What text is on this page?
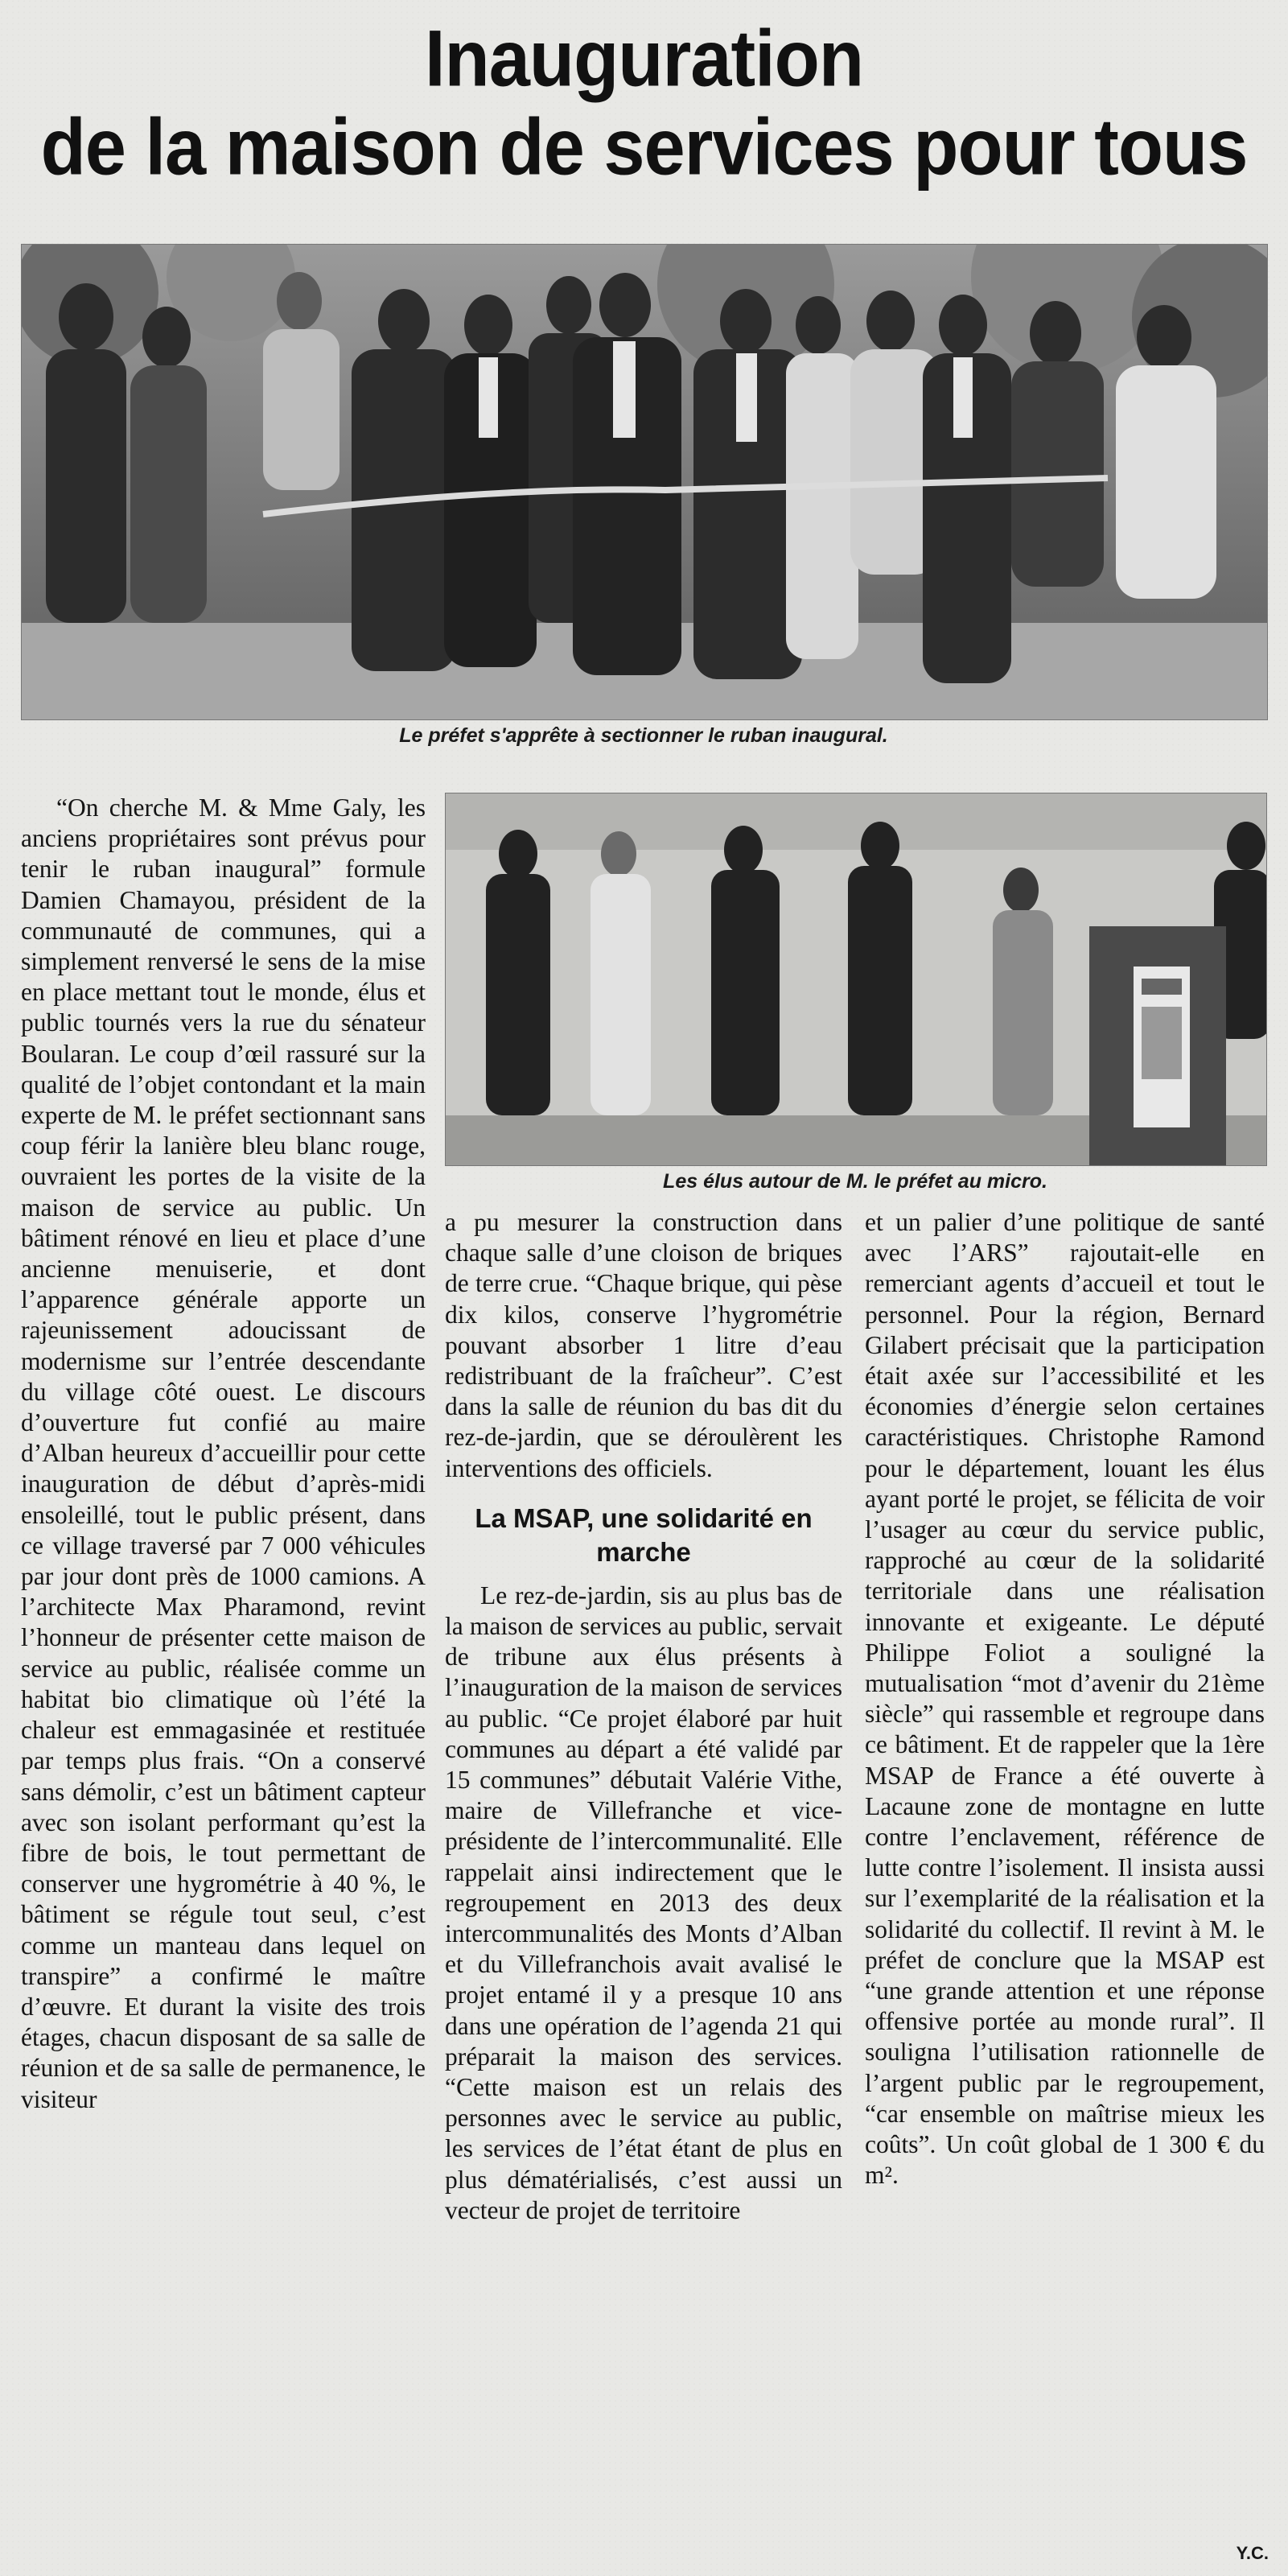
Inauguration
de la maison de services pour tous
Le préfet s'apprête à sectionner le ruban inaugural.
Les élus autour de M. le préfet au micro.

“On cherche M. & Mme Galy, les anciens propriétaires sont prévus pour tenir le ruban inaugural” formule Damien Chamayou, président de la communauté de communes, qui a simplement renversé le sens de la mise en place mettant tout le monde, élus et public tournés vers la rue du sénateur Boularan. Le coup d’œil rassuré sur la qualité de l’objet contondant et la main experte de M. le préfet sectionnant sans coup férir la lanière bleu blanc rouge, ouvraient les portes de la visite de la maison de service au public. Un bâtiment rénové en lieu et place d’une ancienne menuiserie, et dont l’apparence générale apporte un rajeunissement adoucissant de modernisme sur l’entrée descendante du village côté ouest. Le discours d’ouverture fut confié au maire d’Alban heureux d’accueillir pour cette inauguration de début d’après-midi ensoleillé, tout le public présent, dans ce village traversé par 7 000 véhicules par jour dont près de 1000 camions. A l’architecte Max Pharamond, revint l’honneur de présenter cette maison de service au public, réalisée comme un habitat bio climatique où l’été la chaleur est emmagasinée et restituée par temps plus frais. “On a conservé sans démolir, c’est un bâtiment capteur avec son isolant performant qu’est la fibre de bois, le tout permettant de conserver une hygrométrie à 40 %, le bâtiment se régule tout seul, c’est comme un manteau dans lequel on transpire” a confirmé le maître d’œuvre. Et durant la visite des trois étages, chacun disposant de sa salle de réunion et de sa salle de permanence, le visiteur

a pu mesurer la construction dans chaque salle d’une cloison de briques de terre crue. “Chaque brique, qui pèse dix kilos, conserve l’hygrométrie pouvant absorber 1 litre d’eau redistribuant de la fraîcheur”. C’est dans la salle de réunion du bas dit du rez-de-jardin, que se déroulèrent les interventions des officiels.

La MSAP, une solidarité en marche

Le rez-de-jardin, sis au plus bas de la maison de services au public, servait de tribune aux élus présents à l’inauguration de la maison de services au public. “Ce projet élaboré par huit communes au départ a été validé par 15 communes” débutait Valérie Vithe, maire de Villefranche et vice-présidente de l’intercommunalité. Elle rappelait ainsi indirectement que le regroupement en 2013 des deux intercommunalités des Monts d’Alban et du Villefranchois avait avalisé le projet entamé il y a presque 10 ans dans une opération de l’agenda 21 qui préparait la maison des services. “Cette maison est un relais des personnes avec le service au public, les services de l’état étant de plus en plus dématérialisés, c’est aussi un vecteur de projet de territoire

et un palier d’une politique de santé avec l’ARS” rajoutait-elle en remerciant agents d’accueil et tout le personnel. Pour la région, Bernard Gilabert précisait que la participation était axée sur l’accessibilité et les économies d’énergie selon certaines caractéristiques. Christophe Ramond pour le département, louant les élus ayant porté le projet, se félicita de voir l’usager au cœur du service public, rapproché au cœur de la solidarité territoriale dans une réalisation innovante et exigeante. Le député Philippe Foliot a souligné la mutualisation “mot d’avenir du 21ème siècle” qui rassemble et regroupe dans ce bâtiment. Et de rappeler que la 1ère MSAP de France a été ouverte à Lacaune zone de montagne en lutte contre l’enclavement, référence de lutte contre l’isolement. Il insista aussi sur l’exemplarité de la réalisation et la solidarité du collectif. Il revint à M. le préfet de conclure que la MSAP est “une grande attention et une réponse offensive portée au monde rural”. Il souligna l’utilisation rationnelle de l’argent public par le regroupement, “car ensemble on maîtrise mieux les coûts”. Un coût global de 1 300 € du m².

Y.C.
